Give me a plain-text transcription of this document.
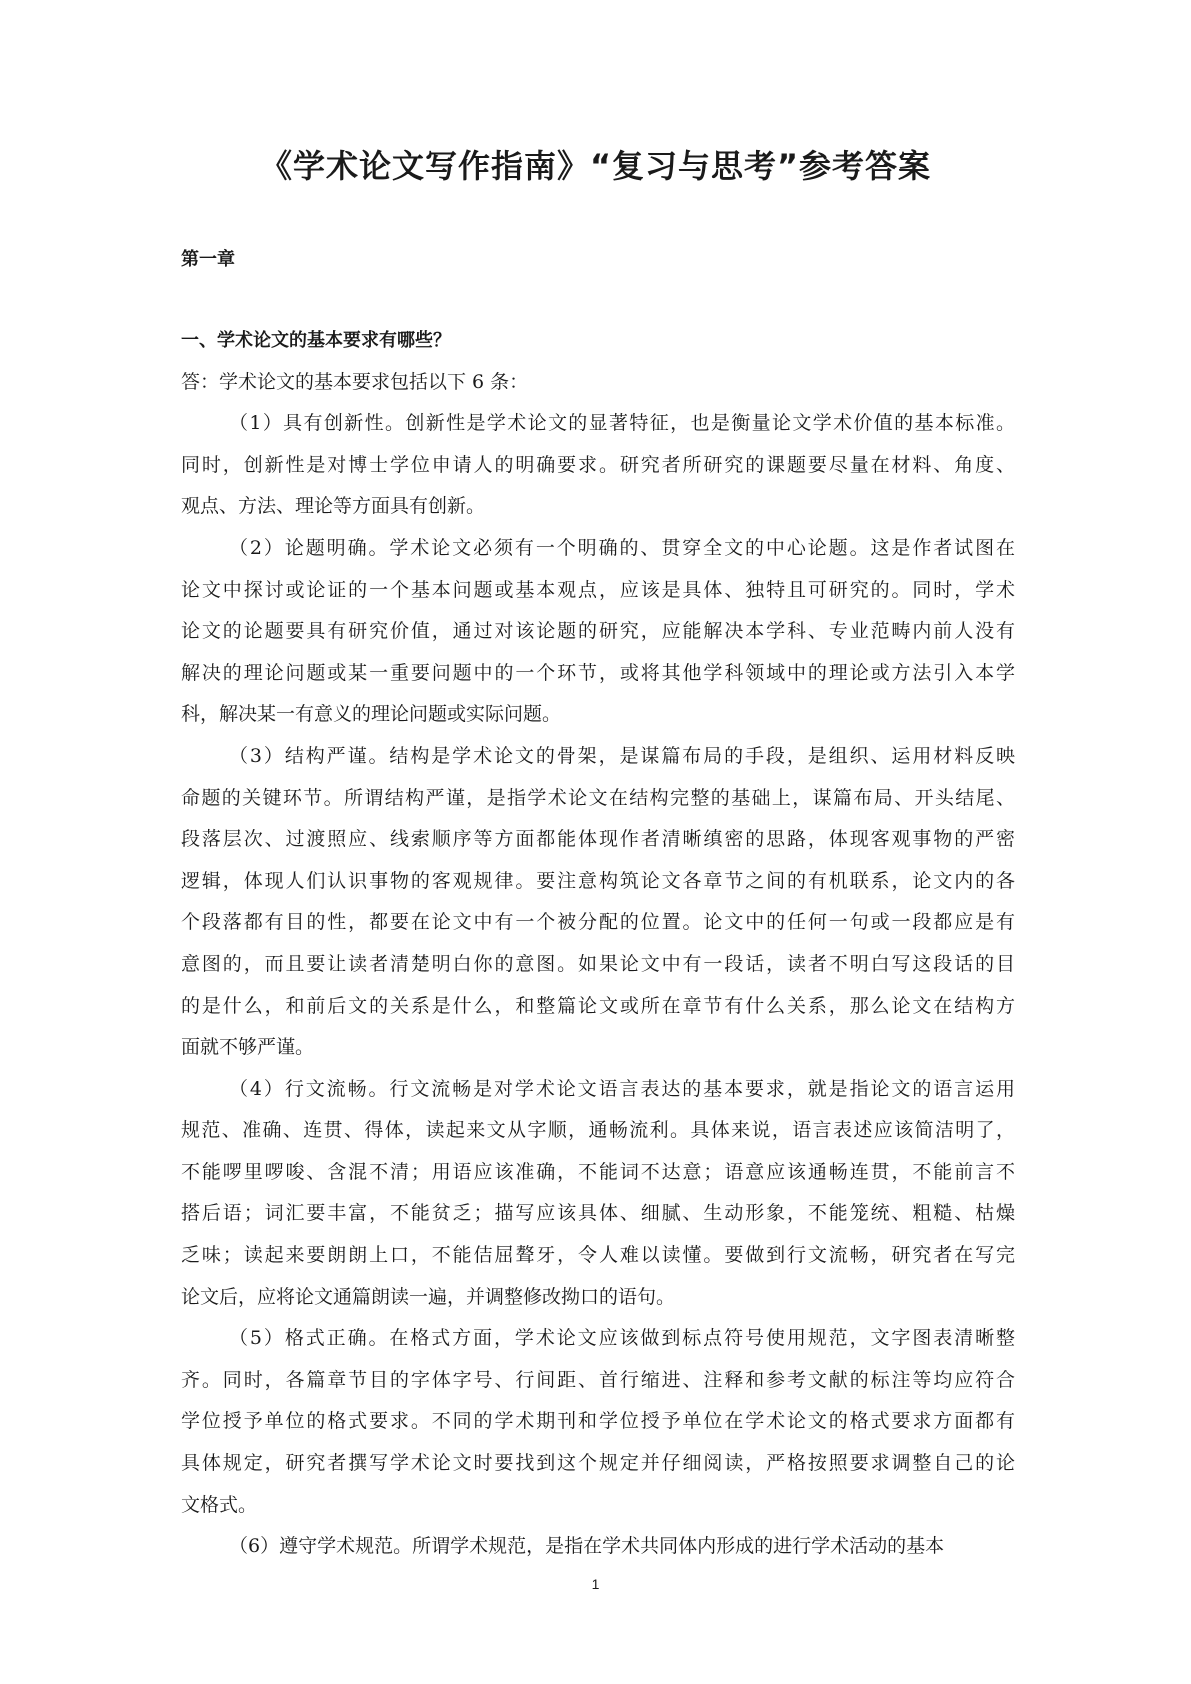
《学术论文写作指南》“复习与思考”参考答案
第一章

一、学术论文的基本要求有哪些？

答：学术论文的基本要求包括以下 6 条：

（1）具有创新性。创新性是学术论文的显著特征，也是衡量论文学术价值的基本标准。
同时，创新性是对博士学位申请人的明确要求。研究者所研究的课题要尽量在材料、角度、
观点、方法、理论等方面具有创新。

（2）论题明确。学术论文必须有一个明确的、贯穿全文的中心论题。这是作者试图在
论文中探讨或论证的一个基本问题或基本观点，应该是具体、独特且可研究的。同时，学术
论文的论题要具有研究价值，通过对该论题的研究，应能解决本学科、专业范畴内前人没有
解决的理论问题或某一重要问题中的一个环节，或将其他学科领域中的理论或方法引入本学
科，解决某一有意义的理论问题或实际问题。

（3）结构严谨。结构是学术论文的骨架，是谋篇布局的手段，是组织、运用材料反映
命题的关键环节。所谓结构严谨，是指学术论文在结构完整的基础上，谋篇布局、开头结尾、
段落层次、过渡照应、线索顺序等方面都能体现作者清晰缜密的思路，体现客观事物的严密
逻辑，体现人们认识事物的客观规律。要注意构筑论文各章节之间的有机联系，论文内的各
个段落都有目的性，都要在论文中有一个被分配的位置。论文中的任何一句或一段都应是有
意图的，而且要让读者清楚明白你的意图。如果论文中有一段话，读者不明白写这段话的目
的是什么，和前后文的关系是什么，和整篇论文或所在章节有什么关系，那么论文在结构方
面就不够严谨。

（4）行文流畅。行文流畅是对学术论文语言表达的基本要求，就是指论文的语言运用
规范、准确、连贯、得体，读起来文从字顺，通畅流利。具体来说，语言表述应该简洁明了，
不能啰里啰唆、含混不清；用语应该准确，不能词不达意；语意应该通畅连贯，不能前言不
搭后语；词汇要丰富，不能贫乏；描写应该具体、细腻、生动形象，不能笼统、粗糙、枯燥
乏味；读起来要朗朗上口，不能佶屈聱牙，令人难以读懂。要做到行文流畅，研究者在写完
论文后，应将论文通篇朗读一遍，并调整修改拗口的语句。

（5）格式正确。在格式方面，学术论文应该做到标点符号使用规范，文字图表清晰整
齐。同时，各篇章节目的字体字号、行间距、首行缩进、注释和参考文献的标注等均应符合
学位授予单位的格式要求。不同的学术期刊和学位授予单位在学术论文的格式要求方面都有
具体规定，研究者撰写学术论文时要找到这个规定并仔细阅读，严格按照要求调整自己的论
文格式。

（6）遵守学术规范。所谓学术规范，是指在学术共同体内形成的进行学术活动的基本

1
